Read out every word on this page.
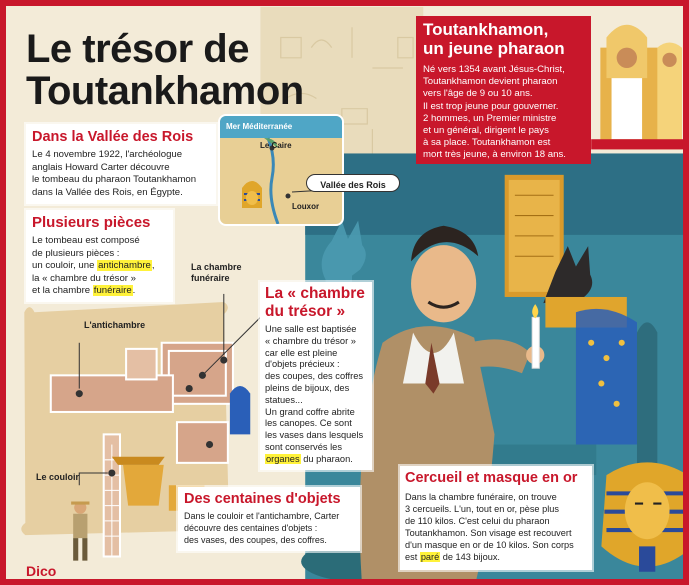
Le trésor de
Toutankhamon
Toutankhamon,
un jeune pharaon
Né vers 1354 avant Jésus-Christ,
Toutankhamon devient pharaon
vers l'âge de 9 ou 10 ans.
Il est trop jeune pour gouverner.
2 hommes, un Premier ministre
et un général, dirigent le pays
à sa place. Toutankhamon est
mort très jeune, à environ 18 ans.
Dans la Vallée des Rois
Le 4 novembre 1922, l'archéologue
anglais Howard Carter découvre
le tombeau du pharaon Toutankhamon
dans la Vallée des Rois, en Égypte.
Mer Méditerranée
Le Caire
Louxor
Vallée des Rois
Plusieurs pièces
Le tombeau est composé
de plusieurs pièces :
un couloir, une antichambre,
la « chambre du trésor »
et la chambre funéraire.
La chambre
funéraire
L'antichambre
Le couloir
La « chambre
du trésor »
Une salle est baptisée
« chambre du trésor »
car elle est pleine
d'objets précieux :
des coupes, des coffres
pleins de bijoux, des
statues...
Un grand coffre abrite
les canopes. Ce sont
les vases dans lesquels
sont conservés les
organes du pharaon.
Des centaines d'objets
Dans le couloir et l'antichambre, Carter
découvre des centaines d'objets :
des vases, des coupes, des coffres.
Cercueil et masque en or
Dans la chambre funéraire, on trouve
3 cercueils. L'un, tout en or, pèse plus
de 110 kilos. C'est celui du pharaon
Toutankhamon. Son visage est recouvert
d'un masque en or de 10 kilos. Son corps
est paré de 143 bijoux.
Dico
